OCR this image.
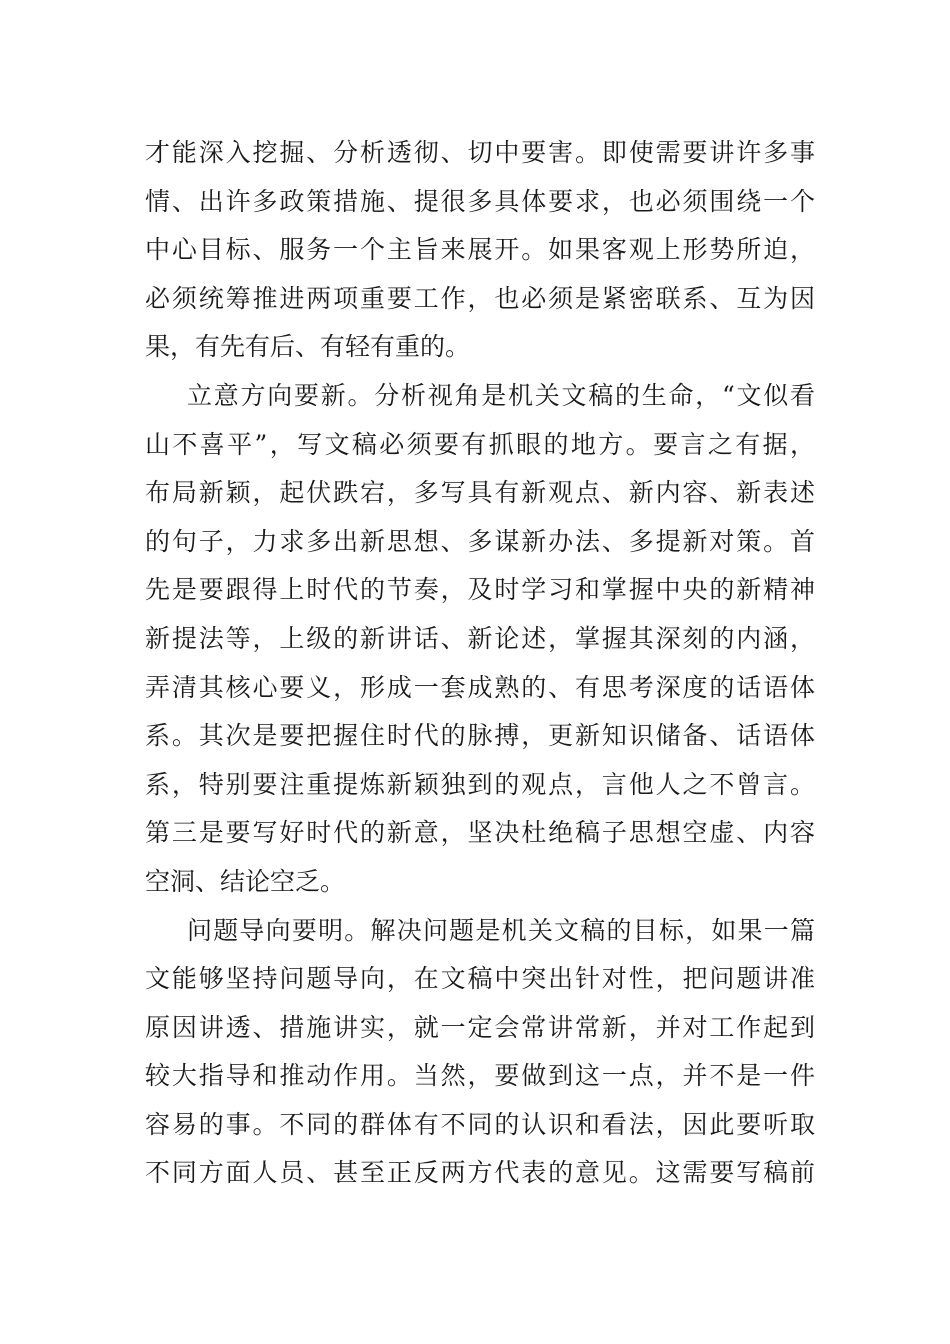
才能深入挖掘、分析透彻、切中要害。即使需要讲许多事
情、出许多政策措施、提很多具体要求，也必须围绕一个
中心目标、服务一个主旨来展开。如果客观上形势所迫，
必须统筹推进两项重要工作，也必须是紧密联系、互为因
果，有先有后、有轻有重的。
立意方向要新。分析视角是机关文稿的生命，“文似看
山不喜平”，写文稿必须要有抓眼的地方。要言之有据，
布局新颖，起伏跌宕，多写具有新观点、新内容、新表述
的句子，力求多出新思想、多谋新办法、多提新对策。首
先是要跟得上时代的节奏，及时学习和掌握中央的新精神
新提法等，上级的新讲话、新论述，掌握其深刻的内涵，
弄清其核心要义，形成一套成熟的、有思考深度的话语体
系。其次是要把握住时代的脉搏，更新知识储备、话语体
系，特别要注重提炼新颖独到的观点，言他人之不曾言。
第三是要写好时代的新意，坚决杜绝稿子思想空虚、内容
空洞、结论空乏。
问题导向要明。解决问题是机关文稿的目标，如果一篇
文能够坚持问题导向，在文稿中突出针对性，把问题讲准
原因讲透、措施讲实，就一定会常讲常新，并对工作起到
较大指导和推动作用。当然，要做到这一点，并不是一件
容易的事。不同的群体有不同的认识和看法，因此要听取
不同方面人员、甚至正反两方代表的意见。这需要写稿前
